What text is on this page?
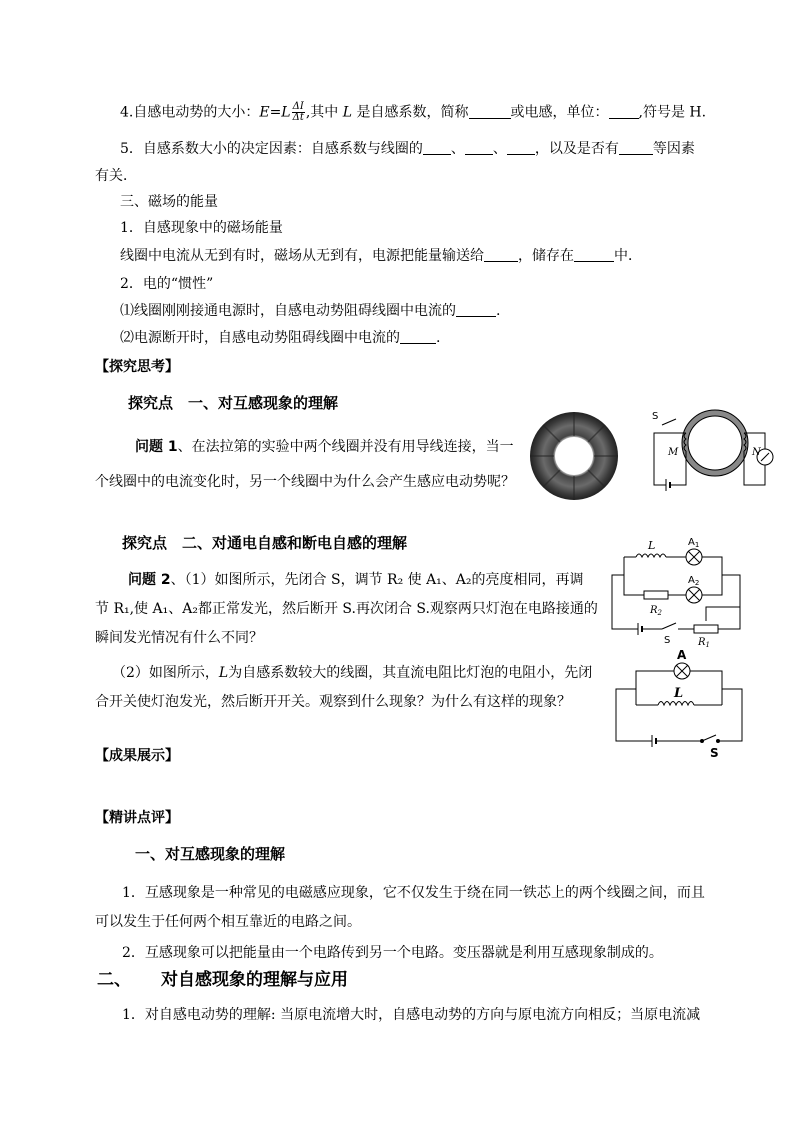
4.自感电动势的大小：$E=L \frac{\Delta I}{\Delta t}$ ,其中 L 是自感系数，简称	或电感，单位： ,符号是 H.
5．自感系数大小的决定因素：自感系数与线圈的 、 、 ，以及是否有 等因素
有关．
三、磁场的能量
1．自感现象中的磁场能量
线圈中电流从无到有时，磁场从无到有，电源把能量输送给 ，储存在	中．
2．电的“惯性”
⑴线圈刚刚接通电源时，自感电动势阻碍线圈中电流的	.
⑵电源断开时，自感电动势阻碍线圈中电流的	.
【探究思考】
探究点　一、对互感现象的理解
问题 1、在法拉第的实验中两个线圈并没有用导线连接，当一
个线圈中的电流变化时，另一个线圈中为什么会产生感应电动势呢？
探究点　二、对通电自感和断电自感的理解
问题 2、（1）如图所示，先闭合 S，调节 R₂ 使 A₁、A₂的亮度相同，再调
节 R₁,使 A₁、A₂都正常发光，然后断开 S.再次闭合 S.观察两只灯泡在电路接通的
瞬间发光情况有什么不同？
（2）如图所示，L为自感系数较大的线圈，其直流电阻比灯泡的电阻小，先闭
合开关使灯泡发光，然后断开开关。观察到什么现象？为什么有这样的现象？
【成果展示】
【精讲点评】
一、对互感现象的理解
1．互感现象是一种常见的电磁感应现象，它不仅发生于绕在同一铁芯上的两个线圈之间，而且
可以发生于任何两个相互靠近的电路之间。
2．互感现象可以把能量由一个电路传到另一个电路。变压器就是利用互感现象制成的。
二、 对自感现象的理解与应用
1．对自感电动势的理解: 当原电流增大时，自感电动势的方向与原电流方向相反；当原电流减
S
M	N
L	$A_1$
$A_2$
$R_2$
$R_1$
S
A
L
S
